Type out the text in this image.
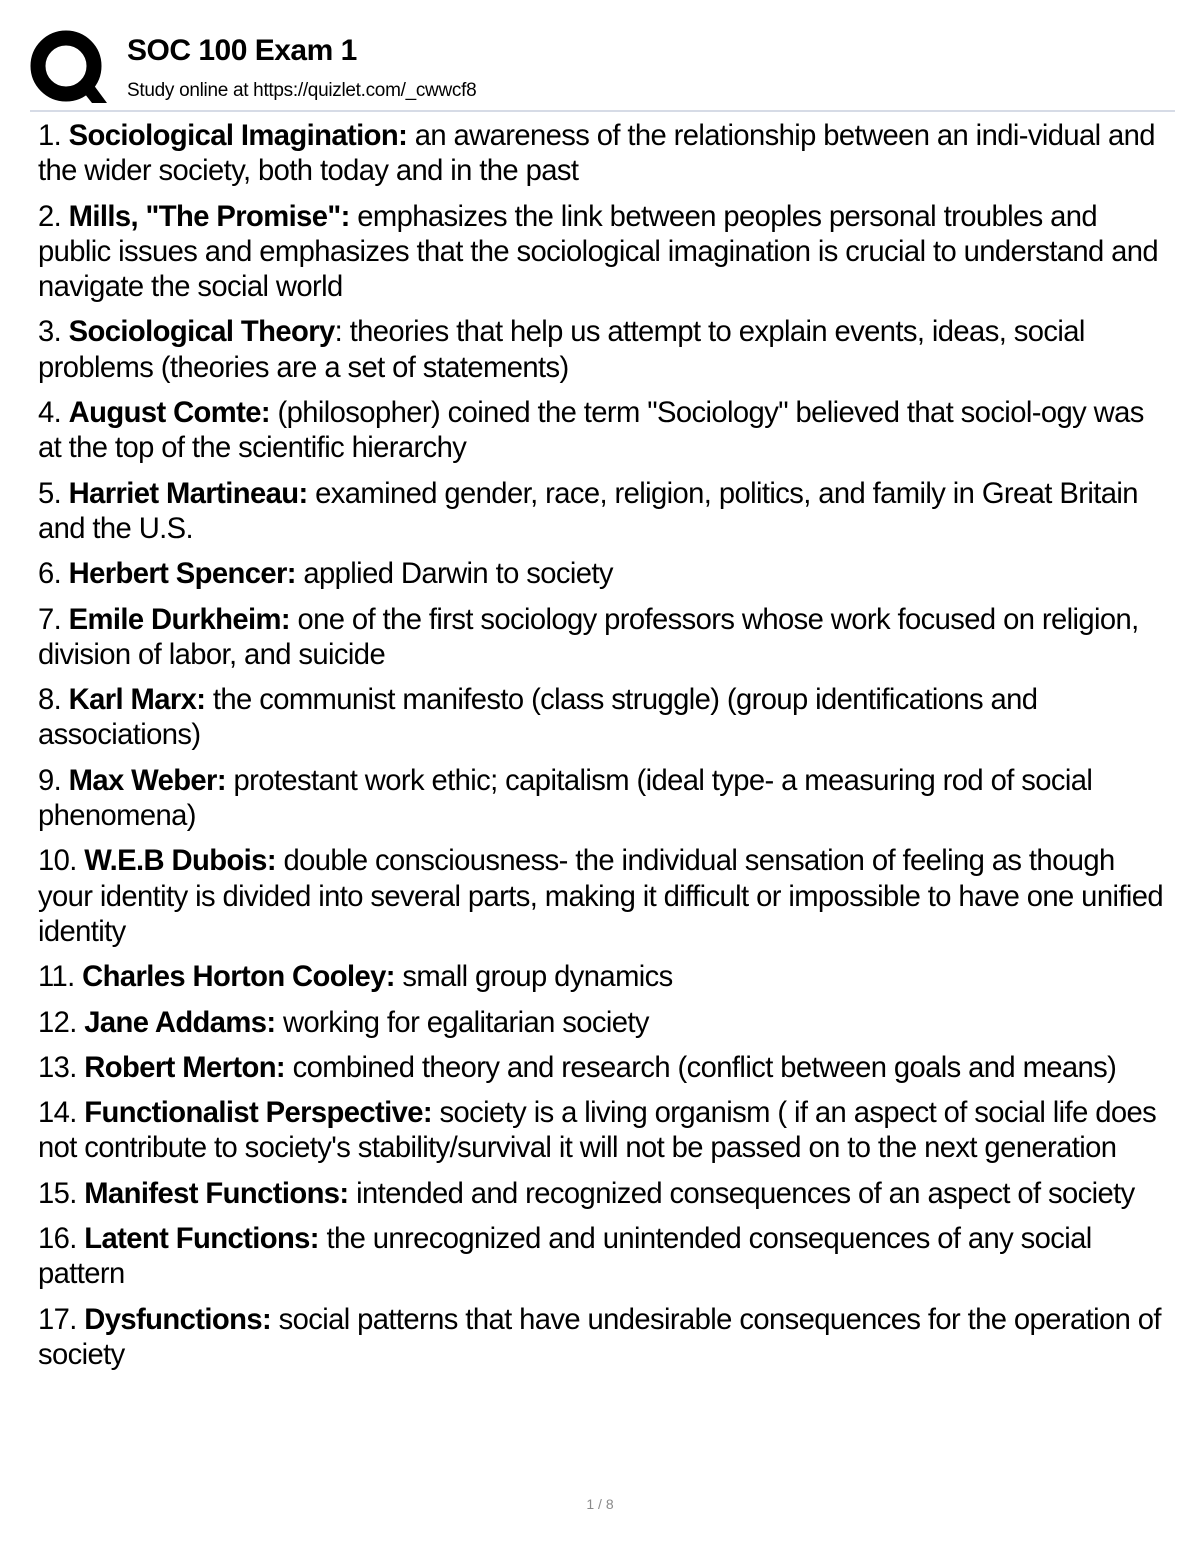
SOC 100 Exam 1
Study online at https://quizlet.com/_cwwcf8
1. Sociological Imagination: an awareness of the relationship between an indi-vidual and the wider society, both today and in the past
2. Mills, "The Promise": emphasizes the link between peoples personal troubles and public issues and emphasizes that the sociological imagination is crucial to understand and navigate the social world
3. Sociological Theory: theories that help us attempt to explain events, ideas, social problems (theories are a set of statements)
4. August Comte: (philosopher) coined the term "Sociology" believed that sociol-ogy was at the top of the scientific hierarchy
5. Harriet Martineau: examined gender, race, religion, politics, and family in Great Britain and the U.S.
6. Herbert Spencer: applied Darwin to society
7. Emile Durkheim: one of the first sociology professors whose work focused on religion, division of labor, and suicide
8. Karl Marx: the communist manifesto (class struggle) (group identifications and associations)
9. Max Weber: protestant work ethic; capitalism (ideal type- a measuring rod of social phenomena)
10. W.E.B Dubois: double consciousness- the individual sensation of feeling as though your identity is divided into several parts, making it difficult or impossible to have one unified identity
11. Charles Horton Cooley: small group dynamics
12. Jane Addams: working for egalitarian society
13. Robert Merton: combined theory and research (conflict between goals and means)
14. Functionalist Perspective: society is a living organism ( if an aspect of social life does not contribute to society's stability/survival it will not be passed on to the next generation
15. Manifest Functions: intended and recognized consequences of an aspect of society
16. Latent Functions: the unrecognized and unintended consequences of any social pattern
17. Dysfunctions: social patterns that have undesirable consequences for the operation of society
1 / 8
